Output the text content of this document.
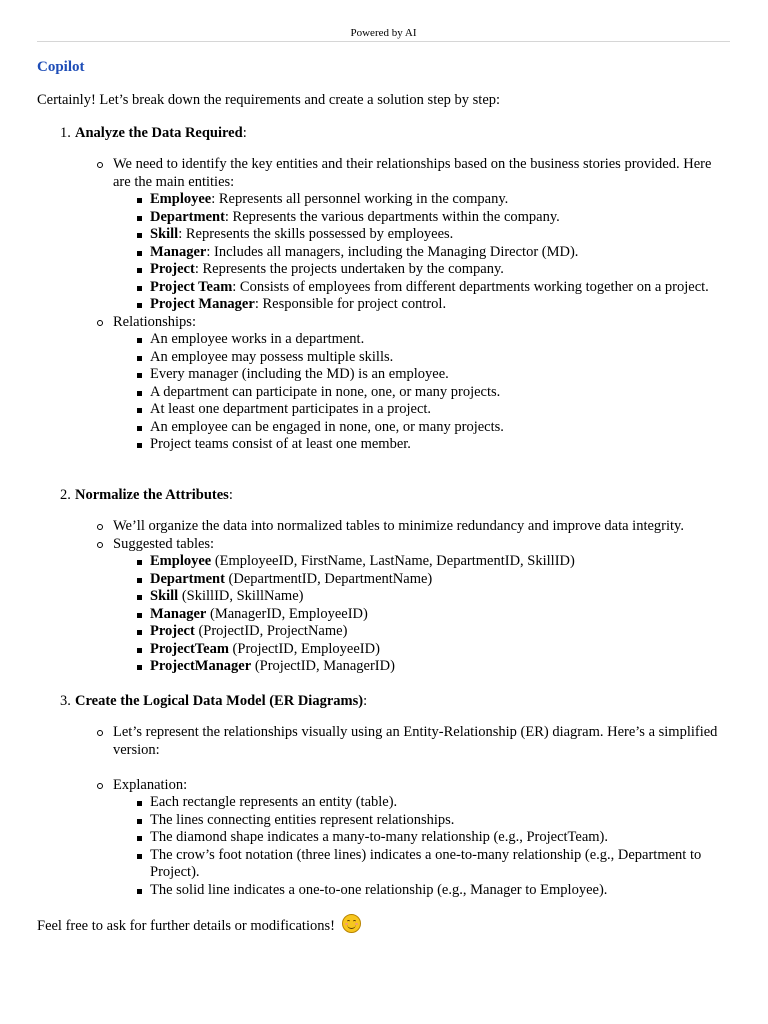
Powered by AI
Copilot
Certainly! Let’s break down the requirements and create a solution step by step:
1. Analyze the Data Required:
We need to identify the key entities and their relationships based on the business stories provided. Here are the main entities:
Employee: Represents all personnel working in the company.
Department: Represents the various departments within the company.
Skill: Represents the skills possessed by employees.
Manager: Includes all managers, including the Managing Director (MD).
Project: Represents the projects undertaken by the company.
Project Team: Consists of employees from different departments working together on a project.
Project Manager: Responsible for project control.
Relationships:
An employee works in a department.
An employee may possess multiple skills.
Every manager (including the MD) is an employee.
A department can participate in none, one, or many projects.
At least one department participates in a project.
An employee can be engaged in none, one, or many projects.
Project teams consist of at least one member.
2. Normalize the Attributes:
We’ll organize the data into normalized tables to minimize redundancy and improve data integrity.
Suggested tables:
Employee (EmployeeID, FirstName, LastName, DepartmentID, SkillID)
Department (DepartmentID, DepartmentName)
Skill (SkillID, SkillName)
Manager (ManagerID, EmployeeID)
Project (ProjectID, ProjectName)
ProjectTeam (ProjectID, EmployeeID)
ProjectManager (ProjectID, ManagerID)
3. Create the Logical Data Model (ER Diagrams):
Let’s represent the relationships visually using an Entity-Relationship (ER) diagram. Here’s a simplified version:
Explanation:
Each rectangle represents an entity (table).
The lines connecting entities represent relationships.
The diamond shape indicates a many-to-many relationship (e.g., ProjectTeam).
The crow’s foot notation (three lines) indicates a one-to-many relationship (e.g., Department to Project).
The solid line indicates a one-to-one relationship (e.g., Manager to Employee).
Feel free to ask for further details or modifications!
